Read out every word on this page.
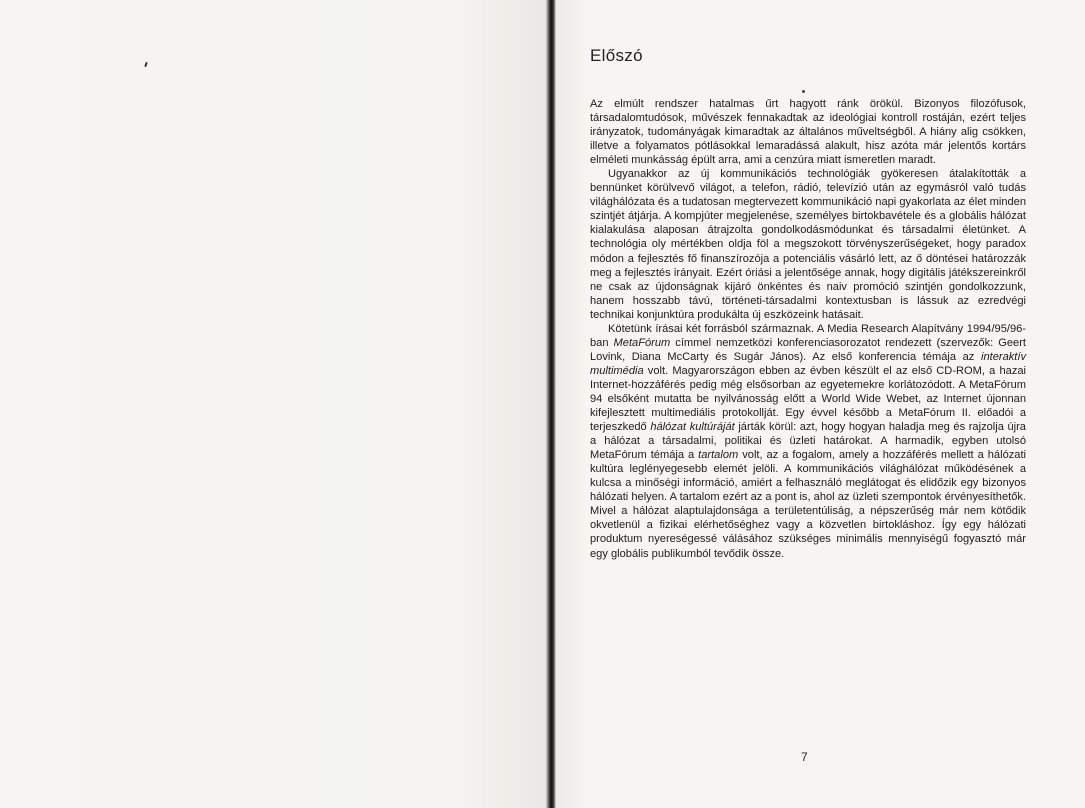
Előszó

Az elmúlt rendszer hatalmas űrt hagyott ránk örökül. Bizonyos filozófusok, társadalomtudósok, művészek fennakadtak az ideológiai kontroll rostáján, ezért teljes irányzatok, tudományágak kimaradtak az általános műveltségből. A hiány alig csökken, illetve a folyamatos pótlásokkal lemaradássá alakult, hisz azóta már jelentős kortárs elméleti munkásság épült arra, ami a cenzúra miatt ismeretlen maradt.

Ugyanakkor az új kommunikációs technológiák gyökeresen átalakították a bennünket körülvevő világot, a telefon, rádió, televízió után az egymásról való tudás világhálózata és a tudatosan megtervezett kommunikáció napi gyakorlata az élet minden szintjét átjárja. A kompjúter megjelenése, személyes birtokbavétele és a globális hálózat kialakulása alaposan átrajzolta gondolkodásmódunkat és társadalmi életünket. A technológia oly mértékben oldja föl a megszokott törvényszerűségeket, hogy paradox módon a fejlesztés fő finanszírozója a potenciális vásárló lett, az ő döntései határozzák meg a fejlesztés irányait. Ezért óriási a jelentősége annak, hogy digitális játékszereinkről ne csak az újdonságnak kijáró önkéntes és naiv promóció szintjén gondolkozzunk, hanem hosszabb távú, történeti-társadalmi kontextusban is lássuk az ezredvégi technikai konjunktúra produkálta új eszközeink hatásait.

Kötetünk írásai két forrásból származnak. A Media Research Alapítvány 1994/95/96-ban MetaFórum címmel nemzetközi konferenciasorozatot rendezett (szervezők: Geert Lovink, Diana McCarty és Sugár János). Az első konferencia témája az interaktív multimédia volt. Magyarországon ebben az évben készült el az első CD-ROM, a hazai Internet-hozzáférés pedig még elsősorban az egyetemekre korlátozódott. A MetaFórum 94 elsőként mutatta be nyilvánosság előtt a World Wide Webet, az Internet újonnan kifejlesztett multimediális protokollját. Egy évvel később a MetaFórum II. előadói a terjeszkedő hálózat kultúráját járták körül: azt, hogy hogyan haladja meg és rajzolja újra a hálózat a társadalmi, politikai és üzleti határokat. A harmadik, egyben utolsó MetaFórum témája a tartalom volt, az a fogalom, amely a hozzáférés mellett a hálózati kultúra leglényegesebb elemét jelöli. A kommunikációs világhálózat működésének a kulcsa a minőségi információ, amiért a felhasználó meglátogat és elidőzik egy bizonyos hálózati helyen. A tartalom ezért az a pont is, ahol az üzleti szempontok érvényesíthetők. Mivel a hálózat alaptulajdonsága a területentúliság, a népszerűség már nem kötődik okvetlenül a fizikai elérhetőséghez vagy a közvetlen birtokláshoz. Így egy hálózati produktum nyereségessé válásához szükséges minimális mennyiségű fogyasztó már egy globális publikumból tevődik össze.

7
